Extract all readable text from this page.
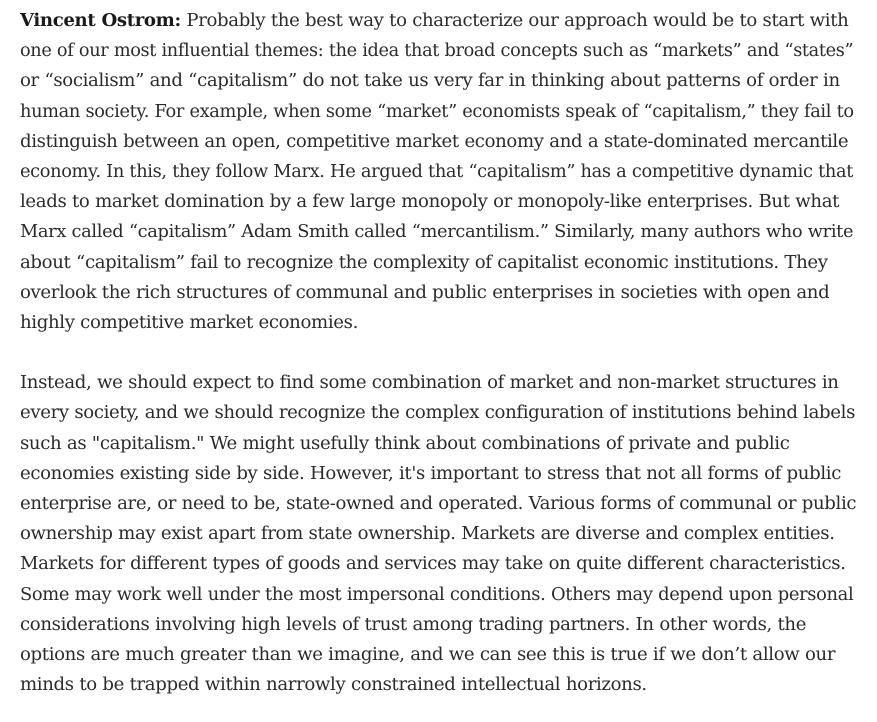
Vincent Ostrom: Probably the best way to characterize our approach would be to start with
one of our most influential themes: the idea that broad concepts such as “markets” and “states”
or “socialism” and “capitalism” do not take us very far in thinking about patterns of order in
human society. For example, when some “market” economists speak of “capitalism,” they fail to
distinguish between an open, competitive market economy and a state-dominated mercantile
economy. In this, they follow Marx. He argued that “capitalism” has a competitive dynamic that
leads to market domination by a few large monopoly or monopoly-like enterprises. But what
Marx called “capitalism” Adam Smith called “mercantilism.” Similarly, many authors who write
about “capitalism” fail to recognize the complexity of capitalist economic institutions. They
overlook the rich structures of communal and public enterprises in societies with open and
highly competitive market economies.

Instead, we should expect to find some combination of market and non-market structures in
every society, and we should recognize the complex configuration of institutions behind labels
such as "capitalism." We might usefully think about combinations of private and public
economies existing side by side. However, it's important to stress that not all forms of public
enterprise are, or need to be, state-owned and operated. Various forms of communal or public
ownership may exist apart from state ownership. Markets are diverse and complex entities.
Markets for different types of goods and services may take on quite different characteristics.
Some may work well under the most impersonal conditions. Others may depend upon personal
considerations involving high levels of trust among trading partners. In other words, the
options are much greater than we imagine, and we can see this is true if we don’t allow our
minds to be trapped within narrowly constrained intellectual horizons.
